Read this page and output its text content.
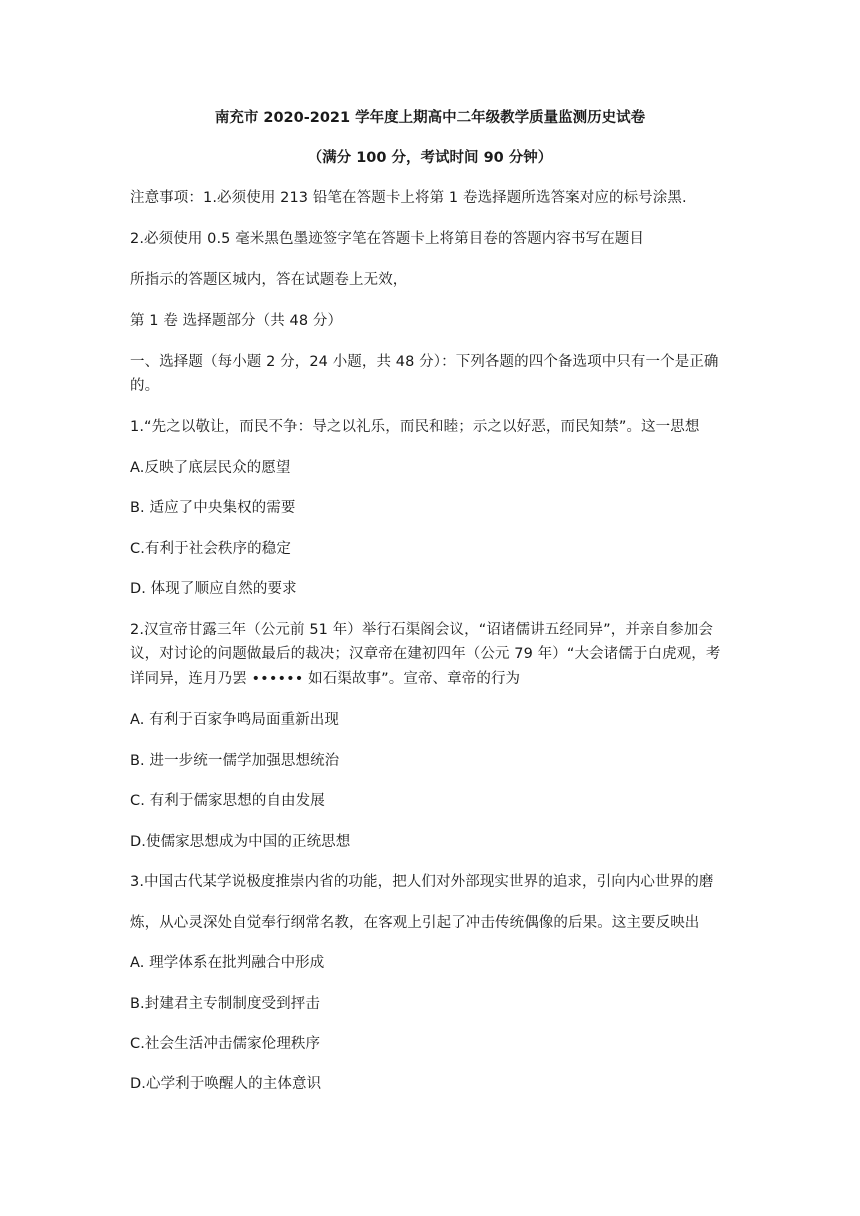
南充市 2020-2021 学年度上期高中二年级教学质量监测历史试卷
（满分 100 分，考试时间 90 分钟）
注意事项：1.必须使用 213 铅笔在答题卡上将第 1 卷选择题所选答案对应的标号涂黑.
2.必须使用 0.5 毫米黑色墨迹签字笔在答题卡上将第目卷的答题内容书写在题目
所指示的答题区城内，答在试题卷上无效，
第 1 卷 选择题部分（共 48 分）
一、选择题（每小题 2 分，24 小题，共 48 分）：下列各题的四个备选项中只有一个是正确
的。
1.“先之以敬让，而民不争：导之以礼乐，而民和睦；示之以好恶，而民知禁”。这一思想
A.反映了底层民众的愿望
B. 适应了中央集权的需要
C.有利于社会秩序的稳定
D. 体现了顺应自然的要求
2.汉宣帝甘露三年（公元前 51 年）举行石渠阁会议，“诏诸儒讲五经同异”，并亲自参加会
议，对讨论的问题做最后的裁决；汉章帝在建初四年（公元 79 年）“大会诸儒于白虎观，考
详同异，连月乃罢 •••••• 如石渠故事”。宣帝、章帝的行为
A. 有利于百家争鸣局面重新出现
B. 进一步统一儒学加强思想统治
C. 有利于儒家思想的自由发展
D.使儒家思想成为中国的正统思想
3.中国古代某学说极度推崇内省的功能，把人们对外部现实世界的追求，引向内心世界的磨
炼，从心灵深处自觉奉行纲常名教，在客观上引起了冲击传统偶像的后果。这主要反映出
A. 理学体系在批判融合中形成
B.封建君主专制制度受到抨击
C.社会生活冲击儒家伦理秩序
D.心学利于唤醒人的主体意识
